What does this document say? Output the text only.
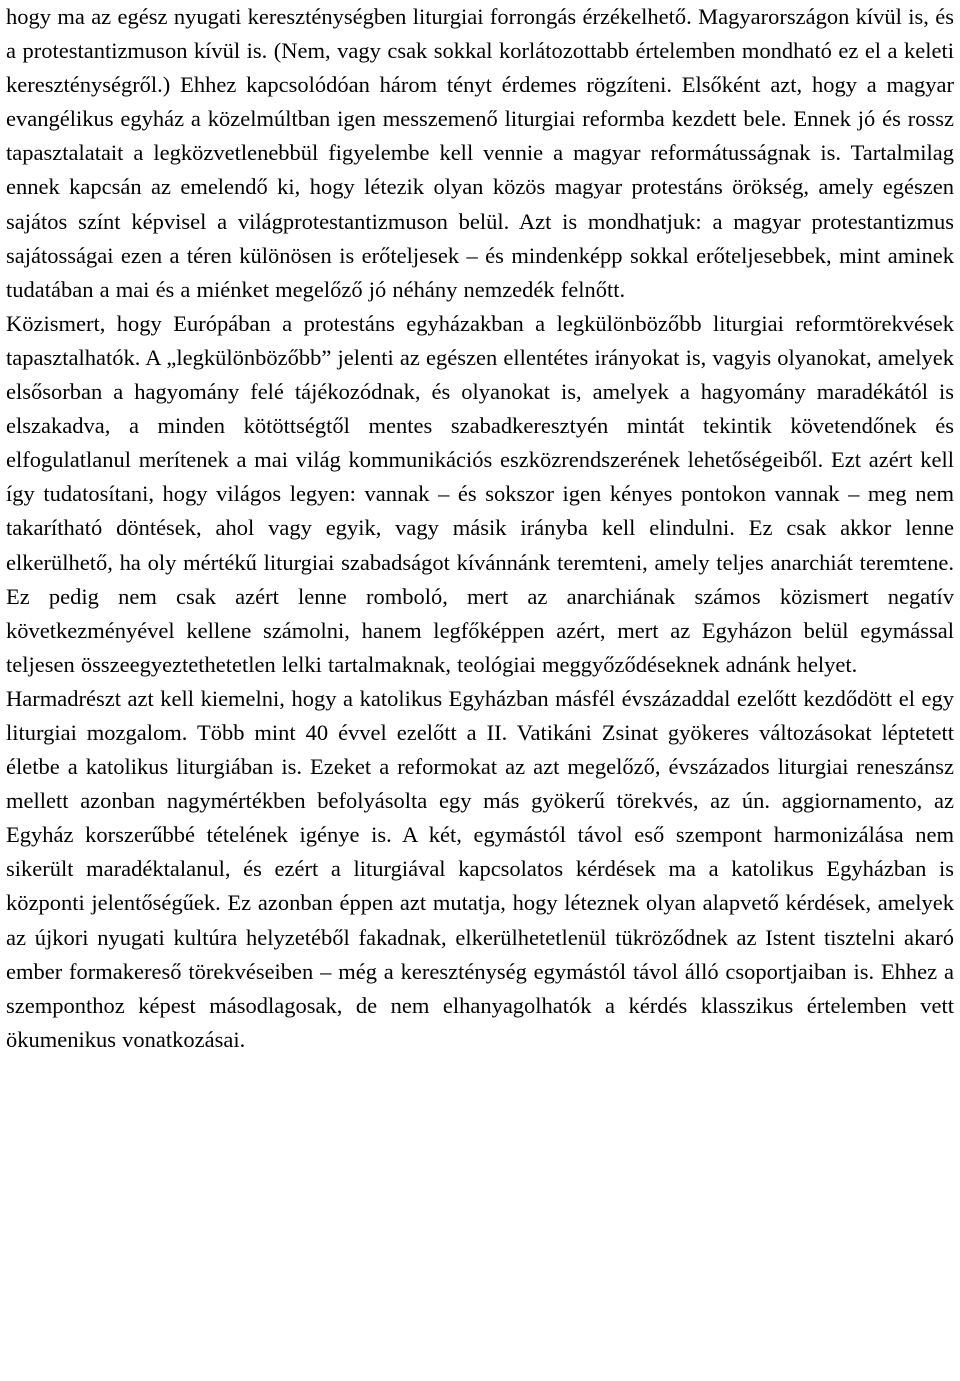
hogy ma az egész nyugati kereszténységben liturgiai forrongás érzékelhető. Magyarországon kívül is, és a protestantizmuson kívül is. (Nem, vagy csak sokkal korlátozottabb értelemben mondható ez el a keleti kereszténységről.) Ehhez kapcsolódóan három tényt érdemes rögzíteni. Elsőként azt, hogy a magyar evangélikus egyház a közelmúltban igen messzemenő liturgiai reformba kezdett bele. Ennek jó és rossz tapasztalatait a legközvetlenebbül figyelembe kell vennie a magyar reformátusságnak is. Tartalmilag ennek kapcsán az emelendő ki, hogy létezik olyan közös magyar protestáns örökség, amely egészen sajátos színt képvisel a világprotestantizmuson belül. Azt is mondhatjuk: a magyar protestantizmus sajátosságai ezen a téren különösen is erőteljesek – és mindenképp sokkal erőteljesebbek, mint aminek tudatában a mai és a miénket megelőző jó néhány nemzedék felnőtt.

Közismert, hogy Európában a protestáns egyházakban a legkülönbözőbb liturgiai reformtörekvések tapasztalhatók. A „legkülönbözőbb” jelenti az egészen ellentétes irányokat is, vagyis olyanokat, amelyek elsősorban a hagyomány felé tájékozódnak, és olyanokat is, amelyek a hagyomány maradékától is elszakadva, a minden kötöttségtől mentes szabadkeresztyén mintát tekintik követendőnek és elfogulatlanul merítenek a mai világ kommunikációs eszközrendszerének lehetőségeiből. Ezt azért kell így tudatosítani, hogy világos legyen: vannak – és sokszor igen kényes pontokon vannak – meg nem takarítható döntések, ahol vagy egyik, vagy másik irányba kell elindulni. Ez csak akkor lenne elkerülhető, ha oly mértékű liturgiai szabadságot kívánnánk teremteni, amely teljes anarchiát teremtene. Ez pedig nem csak azért lenne romboló, mert az anarchiának számos közismert negatív következményével kellene számolni, hanem legfőképpen azért, mert az Egyházon belül egymással teljesen összeegyeztethetetlen lelki tartalmaknak, teológiai meggyőződéseknek adnánk helyet.

Harmadrészt azt kell kiemelni, hogy a katolikus Egyházban másfél évszázaddal ezelőtt kezdődött el egy liturgiai mozgalom. Több mint 40 évvel ezelőtt a II. Vatikáni Zsinat gyökeres változásokat léptetett életbe a katolikus liturgiában is. Ezeket a reformokat az azt megelőző, évszázados liturgiai reneszánsz mellett azonban nagymértékben befolyásolta egy más gyökerű törekvés, az ún. aggiornamento, az Egyház korszerűbbé tételének igénye is. A két, egymástól távol eső szempont harmonizálása nem sikerült maradéktalanul, és ezért a liturgiával kapcsolatos kérdések ma a katolikus Egyházban is központi jelentőségűek. Ez azonban éppen azt mutatja, hogy léteznek olyan alapvető kérdések, amelyek az újkori nyugati kultúra helyzetéből fakadnak, elkerülhetetlenül tükröződnek az Istent tisztelni akaró ember formakereső törekvéseiben – még a kereszténység egymástól távol álló csoportjaiban is. Ehhez a szemponthoz képest másodlagosak, de nem elhanyagolhatók a kérdés klasszikus értelemben vett ökumenikus vonatkozásai.
